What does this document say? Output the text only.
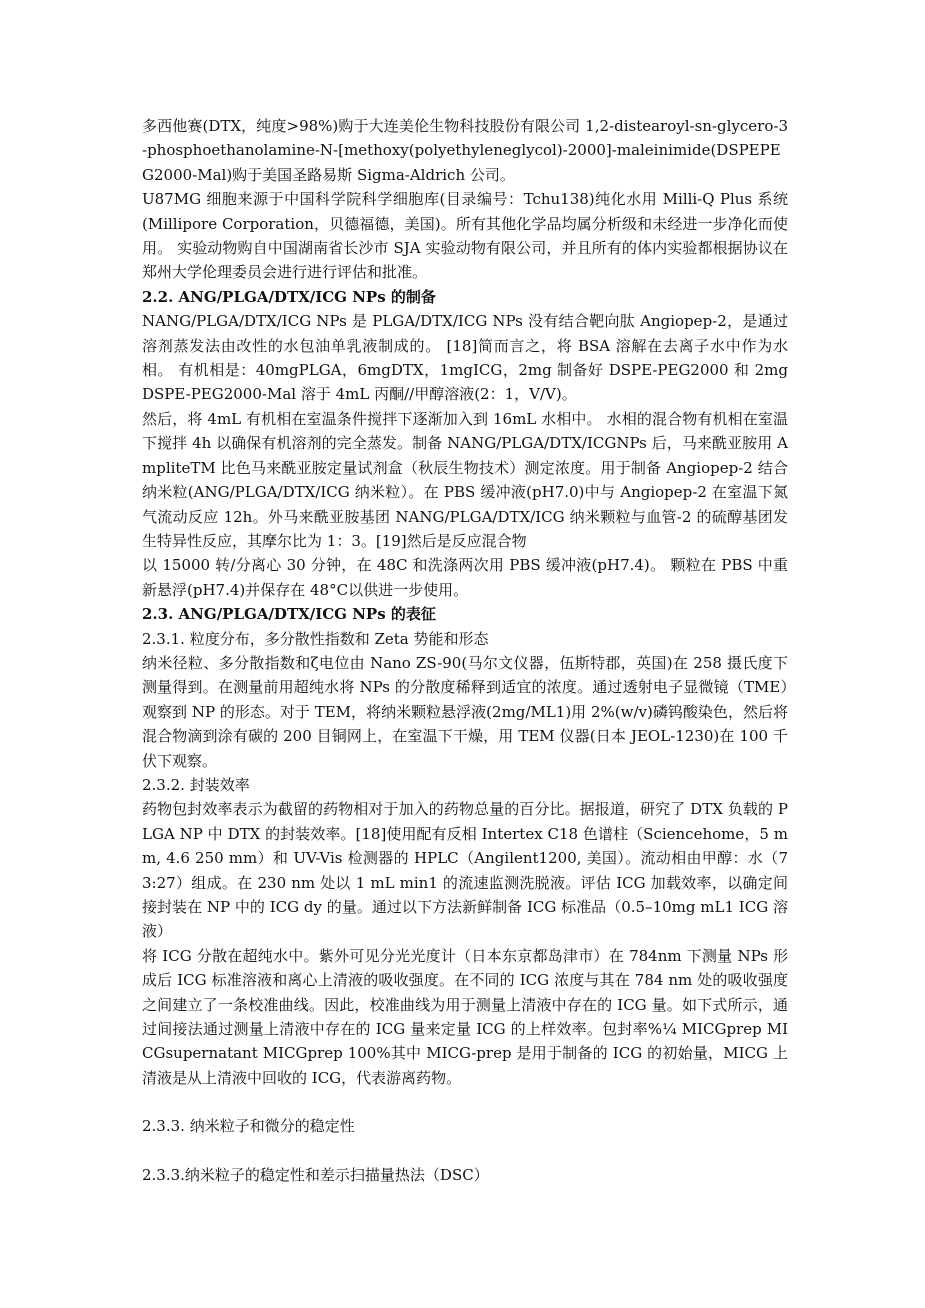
多西他赛(DTX，纯度>98%)购于大连美伦生物科技股份有限公司 1,2-distearoyl-sn-glycero-3-phosphoethanolamine-N-[methoxy(polyethyleneglycol)-2000]-maleinimide(DSPEPEG2000-Mal)购于美国圣路易斯 Sigma-Aldrich 公司。

U87MG 细胞来源于中国科学院科学细胞库(目录编号：Tchu138)纯化水用 Milli-Q Plus 系统(Millipore Corporation，贝德福德，美国)。所有其他化学品均属分析级和未经进一步净化而使用。 实验动物购自中国湖南省长沙市 SJA 实验动物有限公司，并且所有的体内实验都根据协议在郑州大学伦理委员会进行进行评估和批准。

2.2. ANG/PLGA/DTX/ICG NPs 的制备

NANG/PLGA/DTX/ICG NPs 是 PLGA/DTX/ICG NPs 没有结合靶向肽 Angiopep-2，是通过溶剂蒸发法由改性的水包油单乳液制成的。 [18]简而言之，将 BSA 溶解在去离子水中作为水相。 有机相是：40mgPLGA，6mgDTX，1mgICG，2mg 制备好 DSPE-PEG2000 和 2mgDSPE-PEG2000-Mal 溶于 4mL 丙酮//甲醇溶液(2：1，V/V)。

然后，将 4mL 有机相在室温条件搅拌下逐渐加入到 16mL 水相中。 水相的混合物有机相在室温下搅拌 4h 以确保有机溶剂的完全蒸发。制备 NANG/PLGA/DTX/ICGNPs 后，马来酰亚胺用 AmpliteTM 比色马来酰亚胺定量试剂盒（秋辰生物技术）测定浓度。用于制备 Angiopep-2 结合纳米粒(ANG/PLGA/DTX/ICG 纳米粒）。在 PBS 缓冲液(pH7.0)中与 Angiopep-2 在室温下氮气流动反应 12h。外马来酰亚胺基团 NANG/PLGA/DTX/ICG 纳米颗粒与血管-2 的硫醇基团发生特异性反应，其摩尔比为 1：3。[19]然后是反应混合物

以 15000 转/分离心 30 分钟，在 48C 和洗涤两次用 PBS 缓冲液(pH7.4)。 颗粒在 PBS 中重新悬浮(pH7.4)并保存在 48°C以供进一步使用。

2.3. ANG/PLGA/DTX/ICG NPs 的表征

2.3.1. 粒度分布，多分散性指数和 Zeta 势能和形态

纳米径粒、多分散指数和ζ电位由 Nano ZS-90(马尔文仪器，伍斯特郡，英国)在 258 摄氏度下测量得到。在测量前用超纯水将 NPs 的分散度稀释到适宜的浓度。通过透射电子显微镜（TME）观察到 NP 的形态。对于 TEM，将纳米颗粒悬浮液(2mg/ML1)用 2%(w/v)磷钨酸染色，然后将混合物滴到涂有碳的 200 目铜网上，在室温下干燥，用 TEM 仪器(日本 JEOL-1230)在 100 千伏下观察。

2.3.2. 封装效率

药物包封效率表示为截留的药物相对于加入的药物总量的百分比。据报道，研究了 DTX 负载的 PLGA NP 中 DTX 的封装效率。[18]使用配有反相 Intertex C18 色谱柱（Sciencehome，5 mm, 4.6 250 mm）和 UV-Vis 检测器的 HPLC（Angilent1200, 美国）。流动相由甲醇：水（73:27）组成。在 230 nm 处以 1 mL min1 的流速监测洗脱液。评估 ICG 加载效率，以确定间接封装在 NP 中的 ICG dy 的量。通过以下方法新鲜制备 ICG 标准品（0.5–10mg mL1 ICG 溶液）

将 ICG 分散在超纯水中。紫外可见分光光度计（日本东京都岛津市）在 784nm 下测量 NPs 形成后 ICG 标准溶液和离心上清液的吸收强度。在不同的 ICG 浓度与其在 784 nm 处的吸收强度之间建立了一条校准曲线。因此，校准曲线为用于测量上清液中存在的 ICG 量。如下式所示，通过间接法通过测量上清液中存在的 ICG 量来定量 ICG 的上样效率。包封率%¼ MICGprep MICGsupernatant MICGprep 100%其中 MICG-prep 是用于制备的 ICG 的初始量，MICG 上清液是从上清液中回收的 ICG，代表游离药物。

2.3.3. 纳米粒子和微分的稳定性

2.3.3.纳米粒子的稳定性和差示扫描量热法（DSC）
